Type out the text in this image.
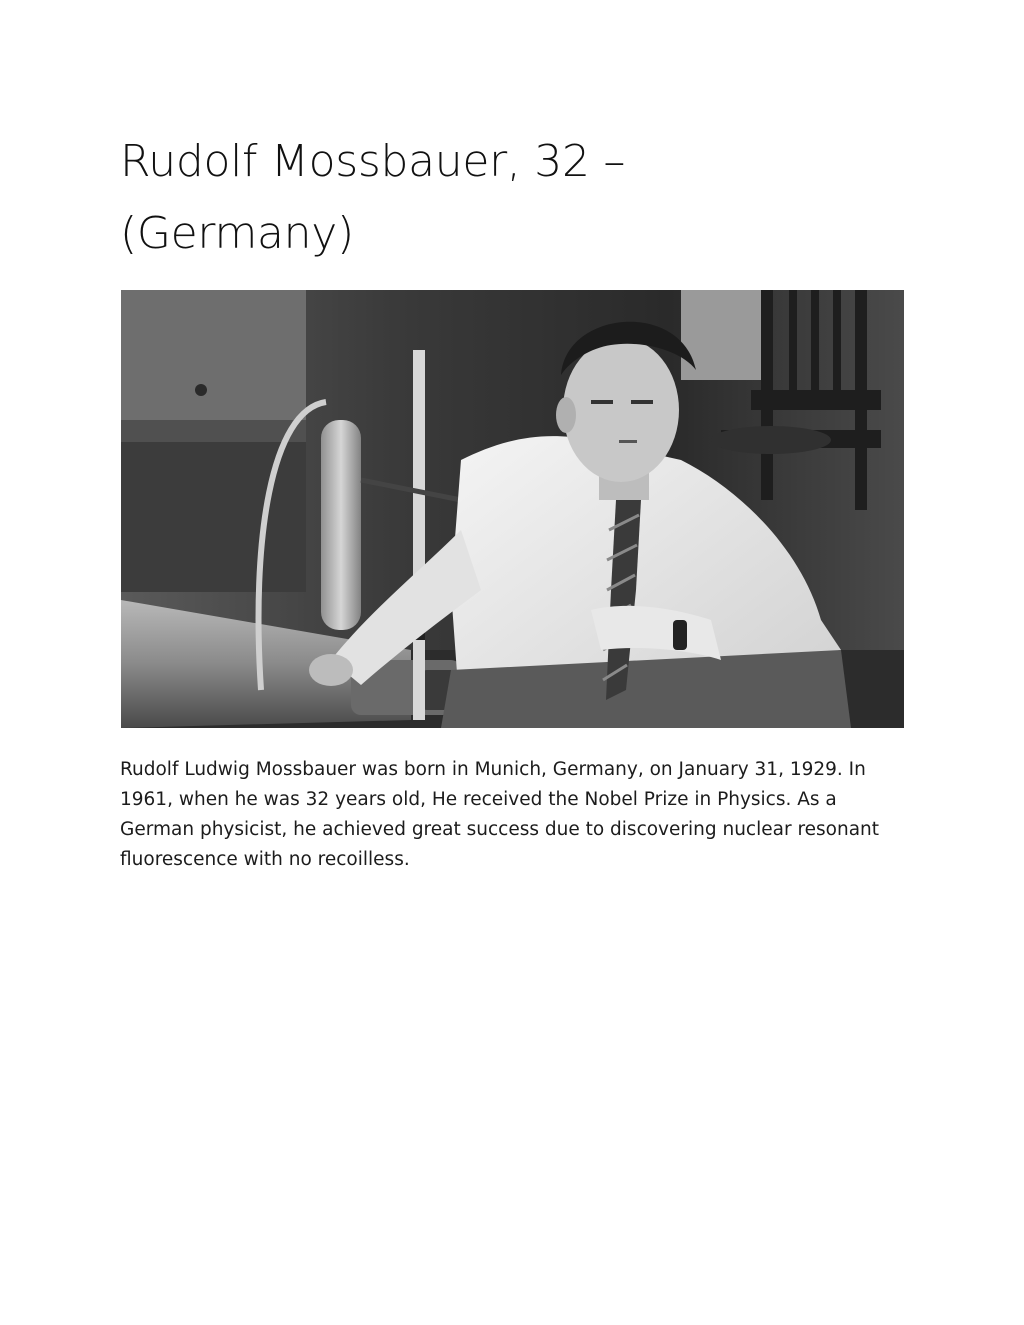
Rudolf Mossbauer, 32 –
(Germany)

Rudolf Ludwig Mossbauer was born in Munich, Germany, on January 31, 1929. In 1961, when he was 32 years old, He received the Nobel Prize in Physics. As a German physicist, he achieved great success due to discovering nuclear resonant fluorescence with no recoilless.
